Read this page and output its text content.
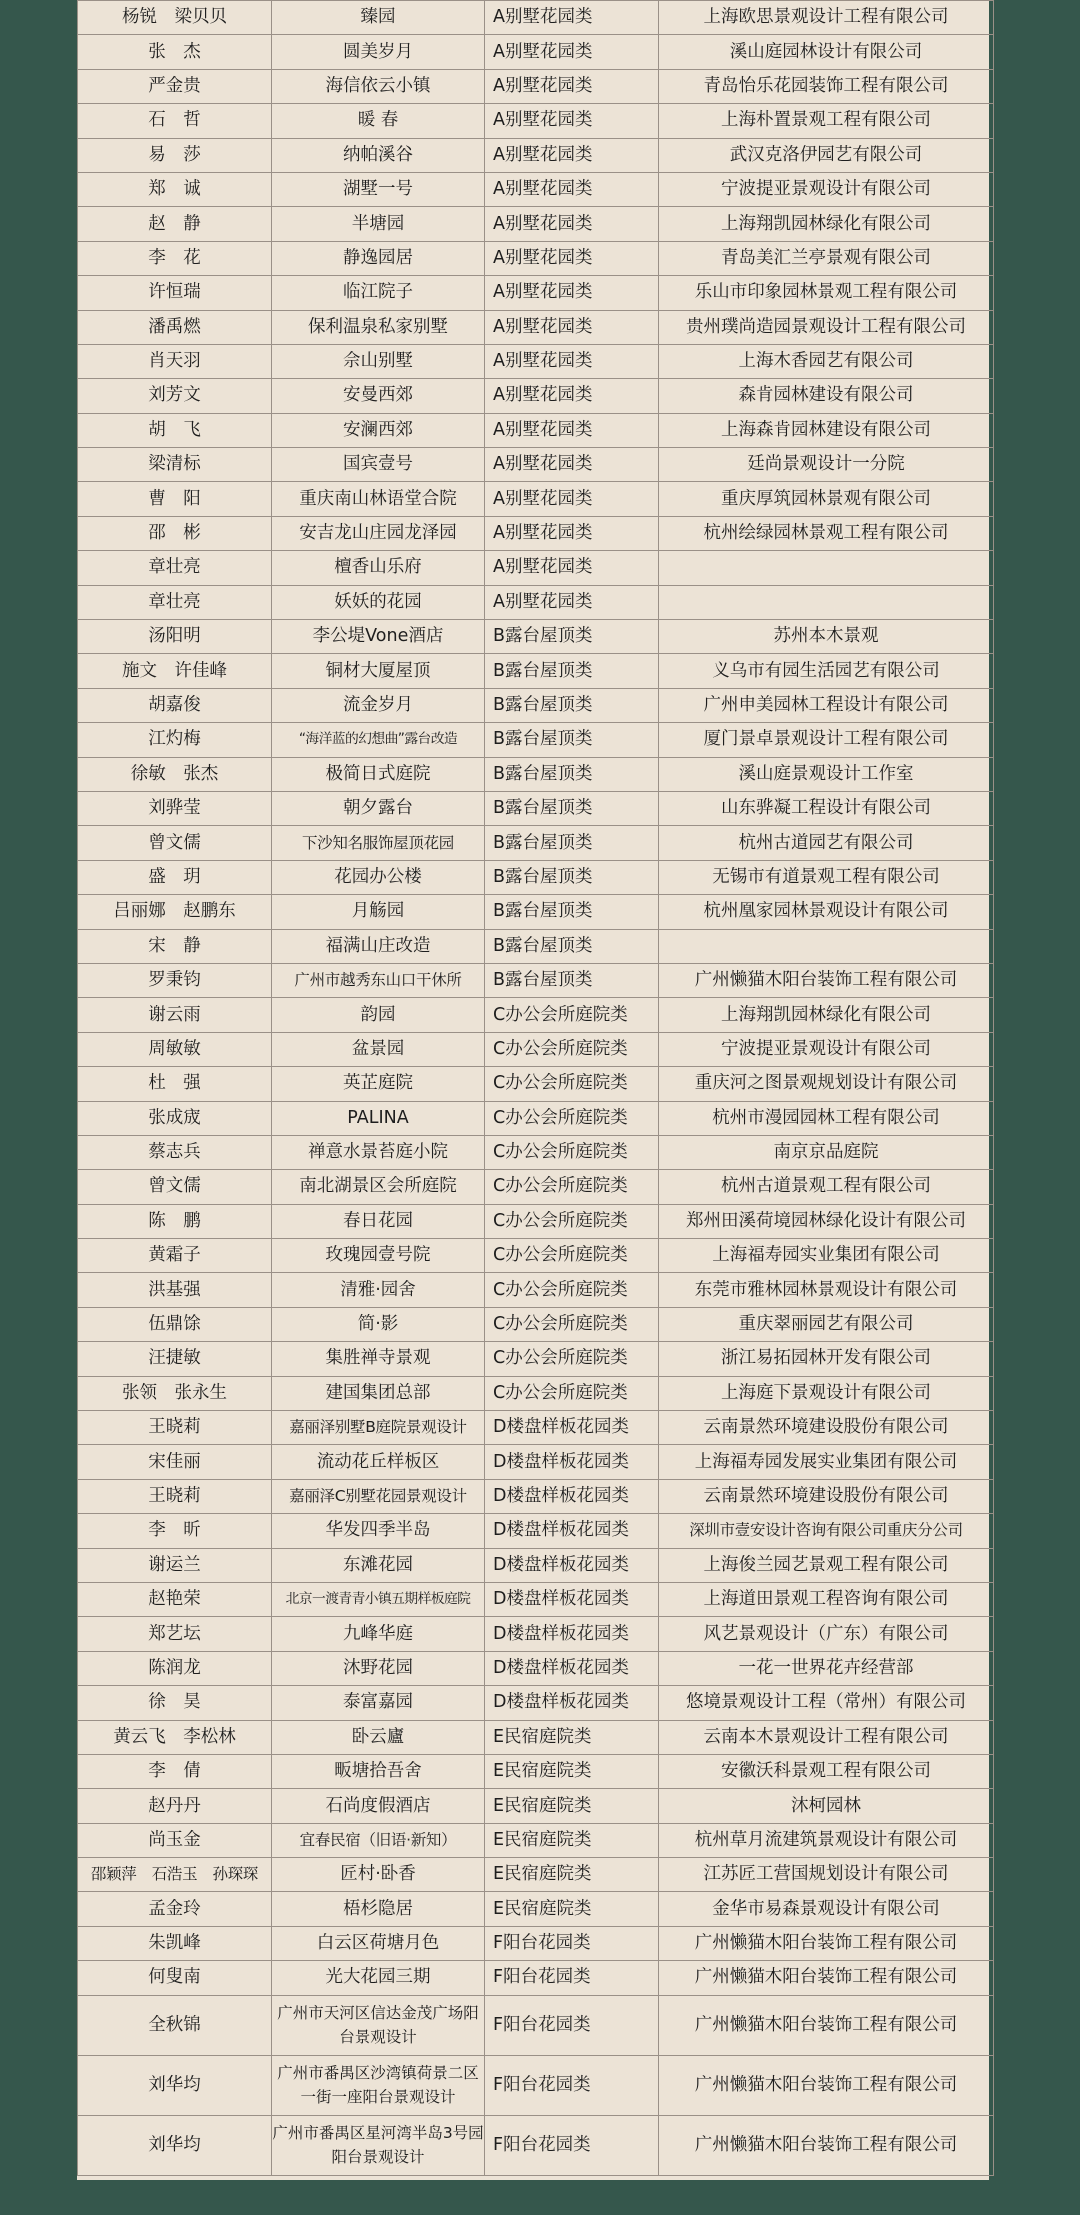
杨锐　梁贝贝	臻园	A别墅花园类	上海欧思景观设计工程有限公司
张　杰	圆美岁月	A别墅花园类	溪山庭园林设计有限公司
严金贵	海信依云小镇	A别墅花园类	青岛怡乐花园装饰工程有限公司
石　哲	暖 春	A别墅花园类	上海朴置景观工程有限公司
易　莎	纳帕溪谷	A别墅花园类	武汉克洛伊园艺有限公司
郑　诚	湖墅一号	A别墅花园类	宁波提亚景观设计有限公司
赵　静	半塘园	A别墅花园类	上海翔凯园林绿化有限公司
李　花	静逸园居	A别墅花园类	青岛美汇兰亭景观有限公司
许恒瑞	临江院子	A别墅花园类	乐山市印象园林景观工程有限公司
潘禹燃	保利温泉私家别墅	A别墅花园类	贵州璞尚造园景观设计工程有限公司
肖天羽	佘山别墅	A别墅花园类	上海木香园艺有限公司
刘芳文	安曼西郊	A别墅花园类	森肯园林建设有限公司
胡　飞	安澜西郊	A别墅花园类	上海森肯园林建设有限公司
梁清标	国宾壹号	A别墅花园类	廷尚景观设计一分院
曹　阳	重庆南山林语堂合院	A别墅花园类	重庆厚筑园林景观有限公司
邵　彬	安吉龙山庄园龙泽园	A别墅花园类	杭州绘绿园林景观工程有限公司
章壮亮	檀香山乐府	A别墅花园类	
章壮亮	妖妖的花园	A别墅花园类	
汤阳明	李公堤Vone酒店	B露台屋顶类	苏州本木景观
施文　许佳峰	铜材大厦屋顶	B露台屋顶类	义乌市有园生活园艺有限公司
胡嘉俊	流金岁月	B露台屋顶类	广州申美园林工程设计有限公司
江灼梅	“海洋蓝的幻想曲”露台改造	B露台屋顶类	厦门景卓景观设计工程有限公司
徐敏　张杰	极简日式庭院	B露台屋顶类	溪山庭景观设计工作室
刘骅莹	朝夕露台	B露台屋顶类	山东骅凝工程设计有限公司
曾文儒	下沙知名服饰屋顶花园	B露台屋顶类	杭州古道园艺有限公司
盛　玥	花园办公楼	B露台屋顶类	无锡市有道景观工程有限公司
吕丽娜　赵鹏东	月觞园	B露台屋顶类	杭州凰家园林景观设计有限公司
宋　静	福满山庄改造	B露台屋顶类	
罗秉钧	广州市越秀东山口干休所	B露台屋顶类	广州懒猫木阳台装饰工程有限公司
谢云雨	韵园	C办公会所庭院类	上海翔凯园林绿化有限公司
周敏敏	盆景园	C办公会所庭院类	宁波提亚景观设计有限公司
杜　强	英芷庭院	C办公会所庭院类	重庆河之图景观规划设计有限公司
张成宬	PALINA	C办公会所庭院类	杭州市漫园园林工程有限公司
蔡志兵	禅意水景苔庭小院	C办公会所庭院类	南京京品庭院
曾文儒	南北湖景区会所庭院	C办公会所庭院类	杭州古道景观工程有限公司
陈　鹏	春日花园	C办公会所庭院类	郑州田溪荷境园林绿化设计有限公司
黄霜子	玫瑰园壹号院	C办公会所庭院类	上海福寿园实业集团有限公司
洪基强	清雅·园舍	C办公会所庭院类	东莞市雅林园林景观设计有限公司
伍鼎馀	简·影	C办公会所庭院类	重庆翠丽园艺有限公司
汪捷敏	集胜禅寺景观	C办公会所庭院类	浙江易拓园林开发有限公司
张领　张永生	建国集团总部	C办公会所庭院类	上海庭下景观设计有限公司
王晓莉	嘉丽泽别墅B庭院景观设计	D楼盘样板花园类	云南景然环境建设股份有限公司
宋佳丽	流动花丘样板区	D楼盘样板花园类	上海福寿园发展实业集团有限公司
王晓莉	嘉丽泽C别墅花园景观设计	D楼盘样板花园类	云南景然环境建设股份有限公司
李　昕	华发四季半岛	D楼盘样板花园类	深圳市壹安设计咨询有限公司重庆分公司
谢运兰	东滩花园	D楼盘样板花园类	上海俊兰园艺景观工程有限公司
赵艳荣	北京一渡青青小镇五期样板庭院	D楼盘样板花园类	上海道田景观工程咨询有限公司
郑艺坛	九峰华庭	D楼盘样板花园类	风艺景观设计（广东）有限公司
陈润龙	沐野花园	D楼盘样板花园类	一花一世界花卉经营部
徐　昊	泰富嘉园	D楼盘样板花园类	悠境景观设计工程（常州）有限公司
黄云飞　李松林	卧云廬	E民宿庭院类	云南本木景观设计工程有限公司
李　倩	畈塘拾吾舍	E民宿庭院类	安徽沃科景观工程有限公司
赵丹丹	石尚度假酒店	E民宿庭院类	沐柯园林
尚玉金	宜春民宿（旧语·新知）	E民宿庭院类	杭州草月流建筑景观设计有限公司
邵颖萍　石浩玉　孙琛琛	匠村·卧香	E民宿庭院类	江苏匠工营国规划设计有限公司
孟金玲	梧杉隐居	E民宿庭院类	金华市易森景观设计有限公司
朱凯峰	白云区荷塘月色	F阳台花园类	广州懒猫木阳台装饰工程有限公司
何叟南	光大花园三期	F阳台花园类	广州懒猫木阳台装饰工程有限公司
全秋锦	广州市天河区信达金茂广场阳台景观设计	F阳台花园类	广州懒猫木阳台装饰工程有限公司
刘华均	广州市番禺区沙湾镇荷景二区一街一座阳台景观设计	F阳台花园类	广州懒猫木阳台装饰工程有限公司
刘华均	广州市番禺区星河湾半岛3号园阳台景观设计	F阳台花园类	广州懒猫木阳台装饰工程有限公司
